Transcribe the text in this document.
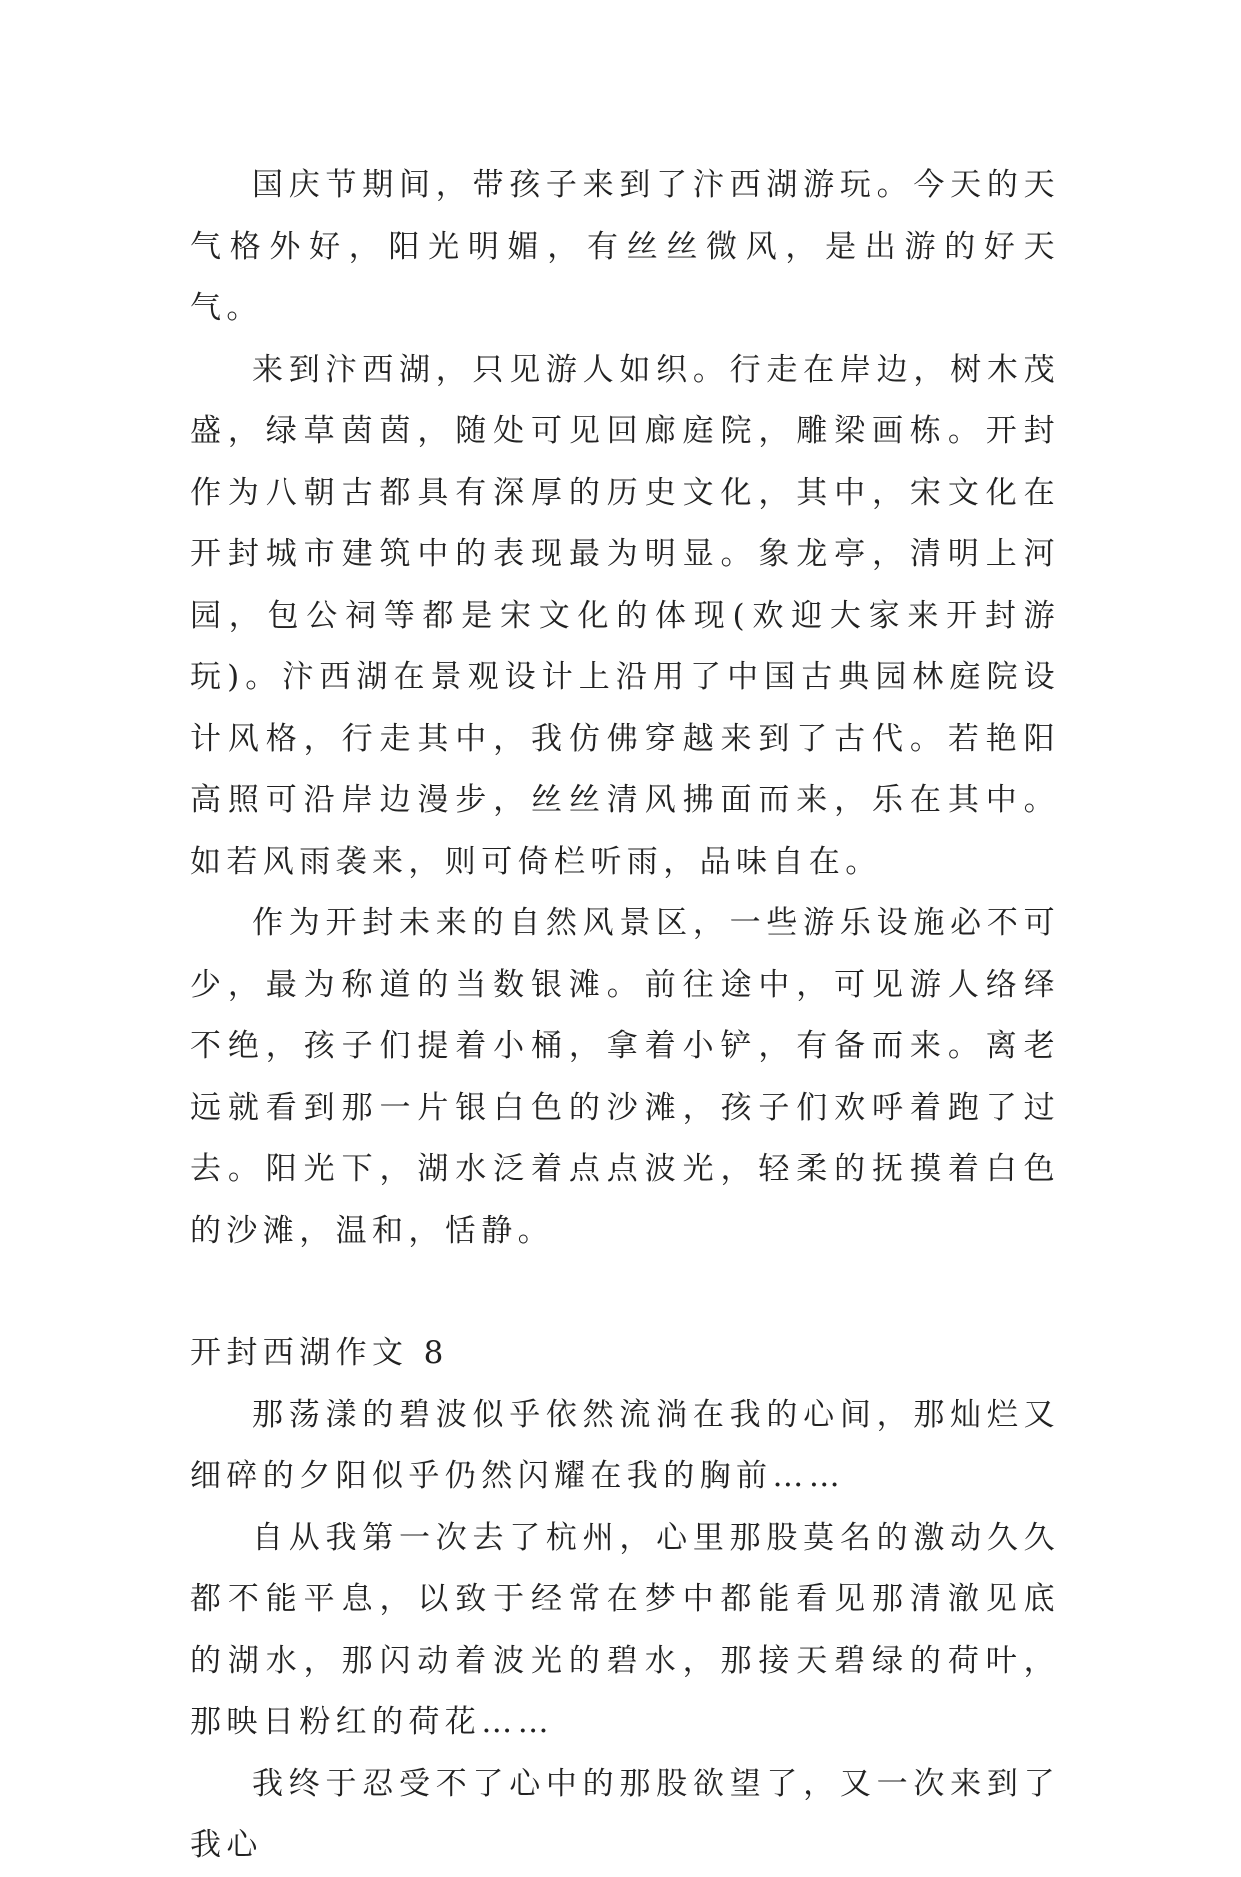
国庆节期间，带孩子来到了汴西湖游玩。今天的天气格外好，阳光明媚，有丝丝微风，是出游的好天气。

来到汴西湖，只见游人如织。行走在岸边，树木茂盛，绿草茵茵，随处可见回廊庭院，雕梁画栋。开封作为八朝古都具有深厚的历史文化，其中，宋文化在开封城市建筑中的表现最为明显。象龙亭，清明上河园，包公祠等都是宋文化的体现(欢迎大家来开封游玩)。汴西湖在景观设计上沿用了中国古典园林庭院设计风格，行走其中，我仿佛穿越来到了古代。若艳阳高照可沿岸边漫步，丝丝清风拂面而来，乐在其中。如若风雨袭来，则可倚栏听雨，品味自在。

作为开封未来的自然风景区，一些游乐设施必不可少，最为称道的当数银滩。前往途中，可见游人络绎不绝，孩子们提着小桶，拿着小铲，有备而来。离老远就看到那一片银白色的沙滩，孩子们欢呼着跑了过去。阳光下，湖水泛着点点波光，轻柔的抚摸着白色的沙滩，温和，恬静。

开封西湖作文 8

那荡漾的碧波似乎依然流淌在我的心间，那灿烂又细碎的夕阳似乎仍然闪耀在我的胸前……

自从我第一次去了杭州，心里那股莫名的激动久久都不能平息，以致于经常在梦中都能看见那清澈见底的湖水，那闪动着波光的碧水，那接天碧绿的荷叶，那映日粉红的荷花……

我终于忍受不了心中的那股欲望了，又一次来到了我心
